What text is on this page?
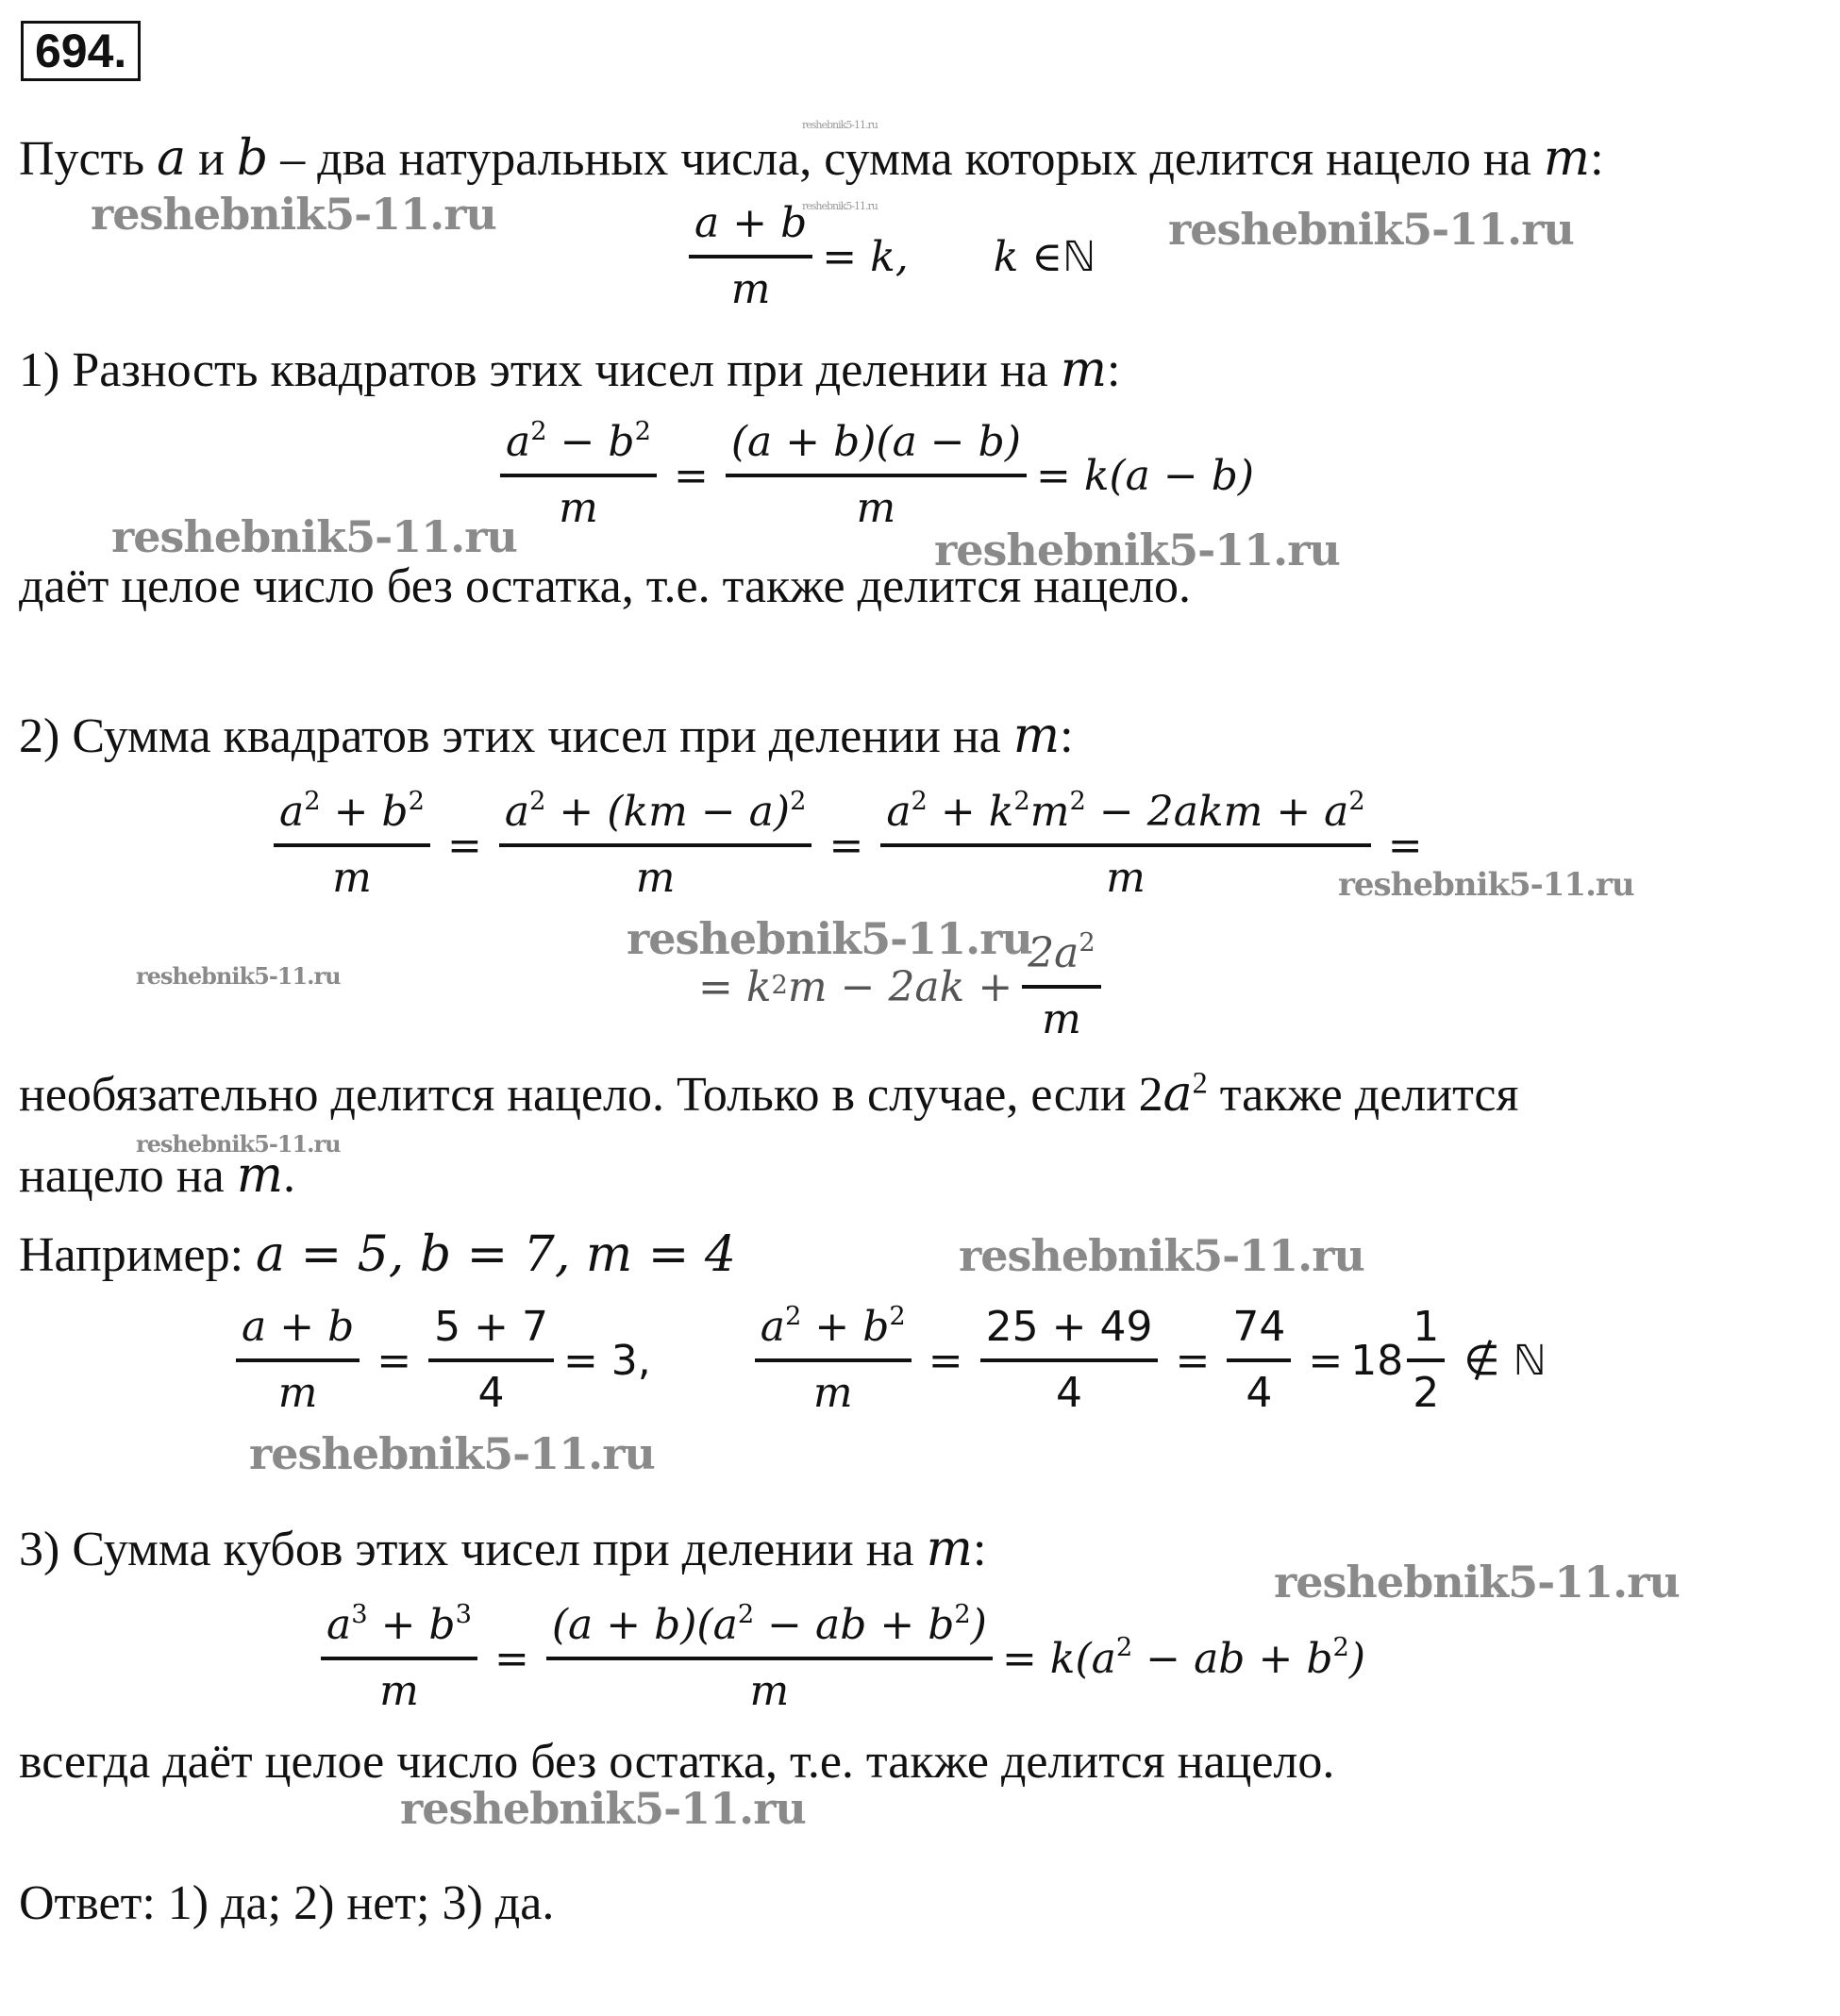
694.
Пусть a и b – два натуральных числа, сумма которых делится нацело на m:
$\frac{a + b}{m} = k$, k ∈ ℕ
1) Разность квадратов этих чисел при делении на m:
$\frac{a^2 - b^2}{m} = \frac{(a + b)(a - b)}{m} = k(a - b)$
даёт целое число без остатка, т.е. также делится нацело.
2) Сумма квадратов этих чисел при делении на m:
$\frac{a^2 + b^2}{m} = \frac{a^2 + (km - a)^2}{m} = \frac{a^2 + k^2m^2 - 2akm + a^2}{m}$ =
= $k^2$ $m - 2ak + \frac{2a^2}{m}$
необязательно делится нацело. Только в случае, если $2a^2$ также делится
нацело на m.
Например: a = 5, b = 7, m = 4
$\frac{a + b}{m} = \frac{5 + 7}{4} = 3$,	$\frac{a^2 + b^2}{m} = \frac{25 + 49}{4} = \frac{74}{4} = 18 \frac{1}{2}$ ∉ ℕ
3) Сумма кубов этих чисел при делении на m:
$\frac{a^3 + b^3}{m} = \frac{(a + b)(a^2 - ab + b^2)}{m} = k(a^2$ − ab + $b^2$)
всегда даёт целое число без остатка, т.е. также делится нацело.
Ответ: 1) да; 2) нет; 3) да.
reshebnik5-11.ru
reshebnik5-11.ru
reshebnik5-11.ru	reshebnik5-11.ru
reshebnik5-11.ru	reshebnik5-11.ru
reshebnik5-11.ru
reshebnik5-11.ru
reshebnik5-11.ru
reshebnik5-11.ru
reshebnik5-11.ru
reshebnik5-11.ru
reshebnik5-11.ru
reshebnik5-11.ru
